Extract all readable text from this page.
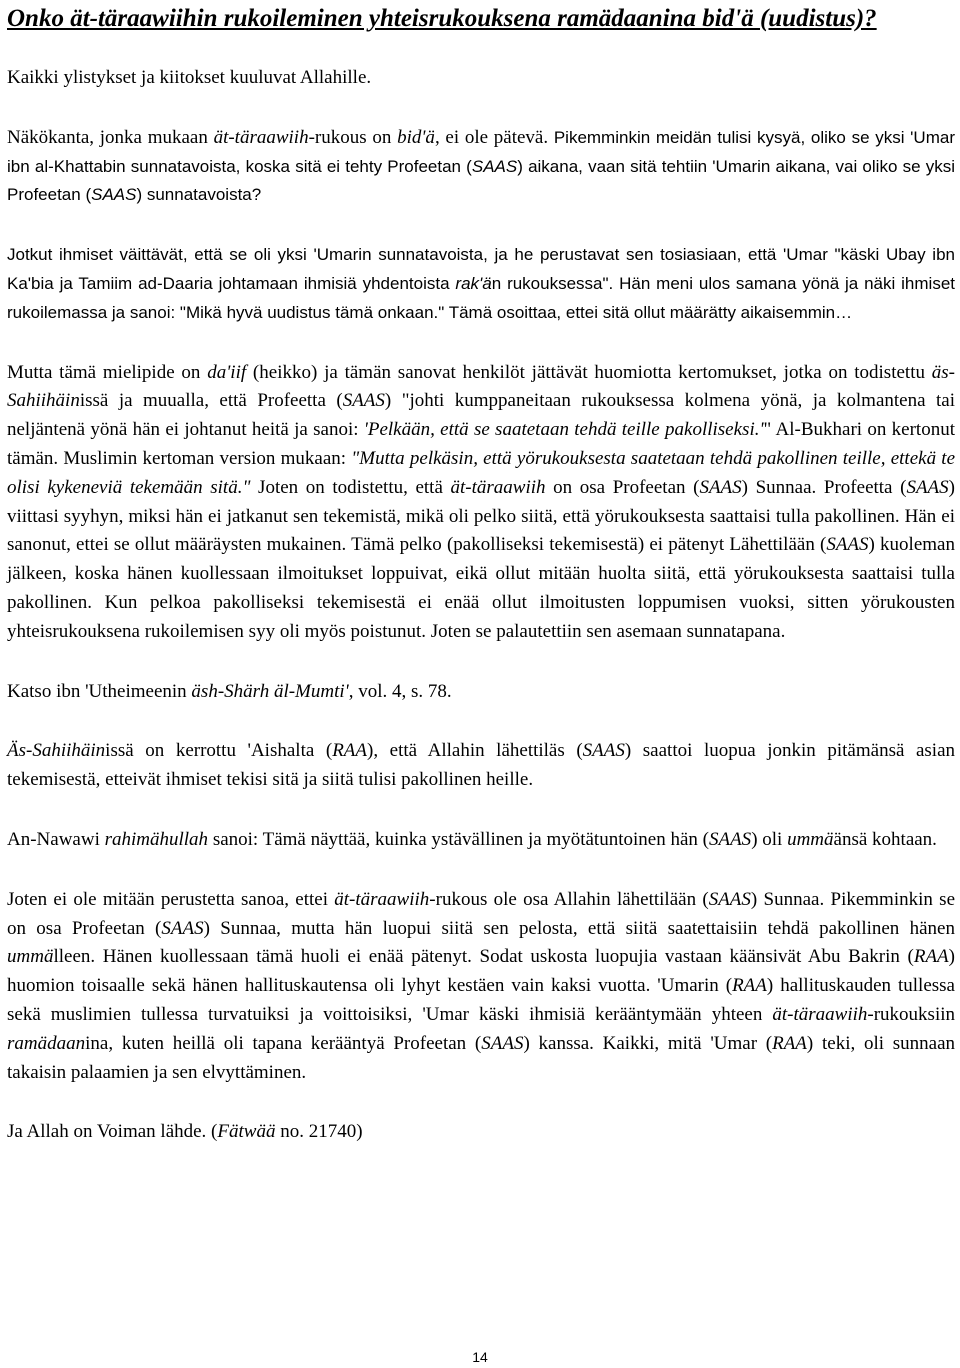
Onko ät-täraawiihin rukoileminen yhteisrukouksena ramädaanina bid'ä (uudistus)?

Kaikki ylistykset ja kiitokset kuuluvat Allahille.

Näkökanta, jonka mukaan ät-täraawiih-rukous on bid'ä, ei ole pätevä. Pikemminkin meidän tulisi kysyä, oliko se yksi 'Umar ibn al-Khattabin sunnatavoista, koska sitä ei tehty Profeetan (SAAS) aikana, vaan sitä tehtiin 'Umarin aikana, vai oliko se yksi Profeetan (SAAS) sunnatavoista?

Jotkut ihmiset väittävät, että se oli yksi 'Umarin sunnatavoista, ja he perustavat sen tosiasiaan, että 'Umar "käski Ubay ibn Ka'bia ja Tamiim ad-Daaria johtamaan ihmisiä yhdentoista rak'än rukouksessa". Hän meni ulos samana yönä ja näki ihmiset rukoilemassa ja sanoi: "Mikä hyvä uudistus tämä onkaan." Tämä osoittaa, ettei sitä ollut määrätty aikaisemmin…

Mutta tämä mielipide on da'iif (heikko) ja tämän sanovat henkilöt jättävät huomiotta kertomukset, jotka on todistettu äs-Sahiihäinissä ja muualla, että Profeetta (SAAS) "johti kumppaneitaan rukouksessa kolmena yönä, ja kolmantena tai neljäntenä yönä hän ei johtanut heitä ja sanoi: 'Pelkään, että se saatetaan tehdä teille pakolliseksi.'" Al-Bukhari on kertonut tämän. Muslimin kertoman version mukaan: "Mutta pelkäsin, että yörukouksesta saatetaan tehdä pakollinen teille, ettekä te olisi kykeneviä tekemään sitä." Joten on todistettu, että ät-täraawiih on osa Profeetan (SAAS) Sunnaa. Profeetta (SAAS) viittasi syyhyn, miksi hän ei jatkanut sen tekemistä, mikä oli pelko siitä, että yörukouksesta saattaisi tulla pakollinen. Hän ei sanonut, ettei se ollut määräysten mukainen. Tämä pelko (pakolliseksi tekemisestä) ei pätenyt Lähettilään (SAAS) kuoleman jälkeen, koska hänen kuollessaan ilmoitukset loppuivat, eikä ollut mitään huolta siitä, että yörukouksesta saattaisi tulla pakollinen. Kun pelkoa pakolliseksi tekemisestä ei enää ollut ilmoitusten loppumisen vuoksi, sitten yörukousten yhteisrukouksena rukoilemisen syy oli myös poistunut. Joten se palautettiin sen asemaan sunnatapana.

Katso ibn 'Utheimeenin äsh-Shärh äl-Mumti', vol. 4, s. 78.

Äs-Sahiihäinissä on kerrottu 'Aishalta (RAA), että Allahin lähettiläs (SAAS) saattoi luopua jonkin pitämänsä asian tekemisestä, etteivät ihmiset tekisi sitä ja siitä tulisi pakollinen heille.

An-Nawawi rahimähullah sanoi: Tämä näyttää, kuinka ystävällinen ja myötätuntoinen hän (SAAS) oli ummäänsä kohtaan.

Joten ei ole mitään perustetta sanoa, ettei ät-täraawiih-rukous ole osa Allahin lähettilään (SAAS) Sunnaa. Pikemminkin se on osa Profeetan (SAAS) Sunnaa, mutta hän luopui siitä sen pelosta, että siitä saatettaisiin tehdä pakollinen hänen ummälleen. Hänen kuollessaan tämä huoli ei enää pätenyt. Sodat uskosta luopujia vastaan käänsivät Abu Bakrin (RAA) huomion toisaalle sekä hänen hallituskautensa oli lyhyt kestäen vain kaksi vuotta. 'Umarin (RAA) hallituskauden tullessa sekä muslimien tullessa turvatuiksi ja voittoisiksi, 'Umar käski ihmisiä kerääntymään yhteen ät-täraawiih-rukouksiin ramädaanina, kuten heillä oli tapana kerääntyä Profeetan (SAAS) kanssa. Kaikki, mitä 'Umar (RAA) teki, oli sunnaan takaisin palaamien ja sen elvyttäminen.

Ja Allah on Voiman lähde. (Fätwää no. 21740)

14
